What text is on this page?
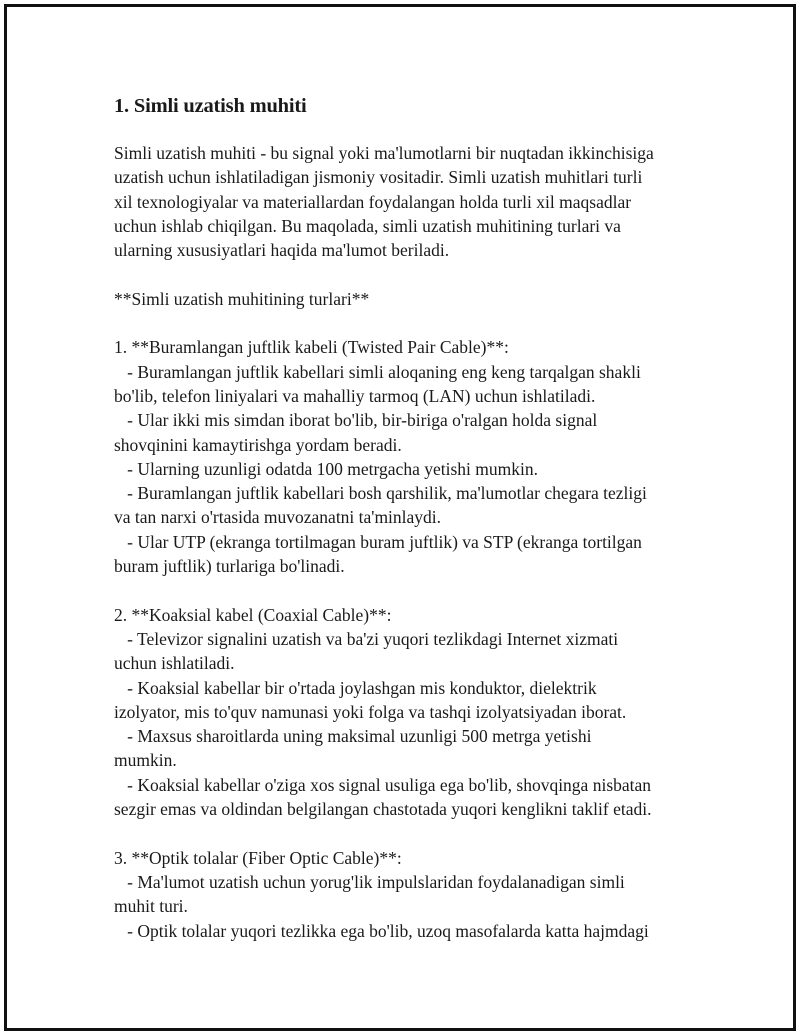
1. Simli uzatish muhiti
Simli uzatish muhiti - bu signal yoki ma'lumotlarni bir nuqtadan ikkinchisiga
uzatish uchun ishlatiladigan jismoniy vositadir. Simli uzatish muhitlari turli
xil texnologiyalar va materiallardan foydalangan holda turli xil maqsadlar
uchun ishlab chiqilgan. Bu maqolada, simli uzatish muhitining turlari va
ularning xususiyatlari haqida ma'lumot beriladi.
**Simli uzatish muhitining turlari**
1. **Buramlangan juftlik kabeli (Twisted Pair Cable)**:
- Buramlangan juftlik kabellari simli aloqaning eng keng tarqalgan shakli
bo'lib, telefon liniyalari va mahalliy tarmoq (LAN) uchun ishlatiladi.
- Ular ikki mis simdan iborat bo'lib, bir-biriga o'ralgan holda signal
shovqinini kamaytirishga yordam beradi.
- Ularning uzunligi odatda 100 metrgacha yetishi mumkin.
- Buramlangan juftlik kabellari bosh qarshilik, ma'lumotlar chegara tezligi
va tan narxi o'rtasida muvozanatni ta'minlaydi.
- Ular UTP (ekranga tortilmagan buram juftlik) va STP (ekranga tortilgan
buram juftlik) turlariga bo'linadi.
2. **Koaksial kabel (Coaxial Cable)**:
- Televizor signalini uzatish va ba'zi yuqori tezlikdagi Internet xizmati
uchun ishlatiladi.
- Koaksial kabellar bir o'rtada joylashgan mis konduktor, dielektrik
izolyator, mis to'quv namunasi yoki folga va tashqi izolyatsiyadan iborat.
- Maxsus sharoitlarda uning maksimal uzunligi 500 metrga yetishi
mumkin.
- Koaksial kabellar o'ziga xos signal usuliga ega bo'lib, shovqinga nisbatan
sezgir emas va oldindan belgilangan chastotada yuqori kenglikni taklif etadi.
3. **Optik tolalar (Fiber Optic Cable)**:
- Ma'lumot uzatish uchun yorug'lik impulslaridan foydalanadigan simli
muhit turi.
- Optik tolalar yuqori tezlikka ega bo'lib, uzoq masofalarda katta hajmdagi
